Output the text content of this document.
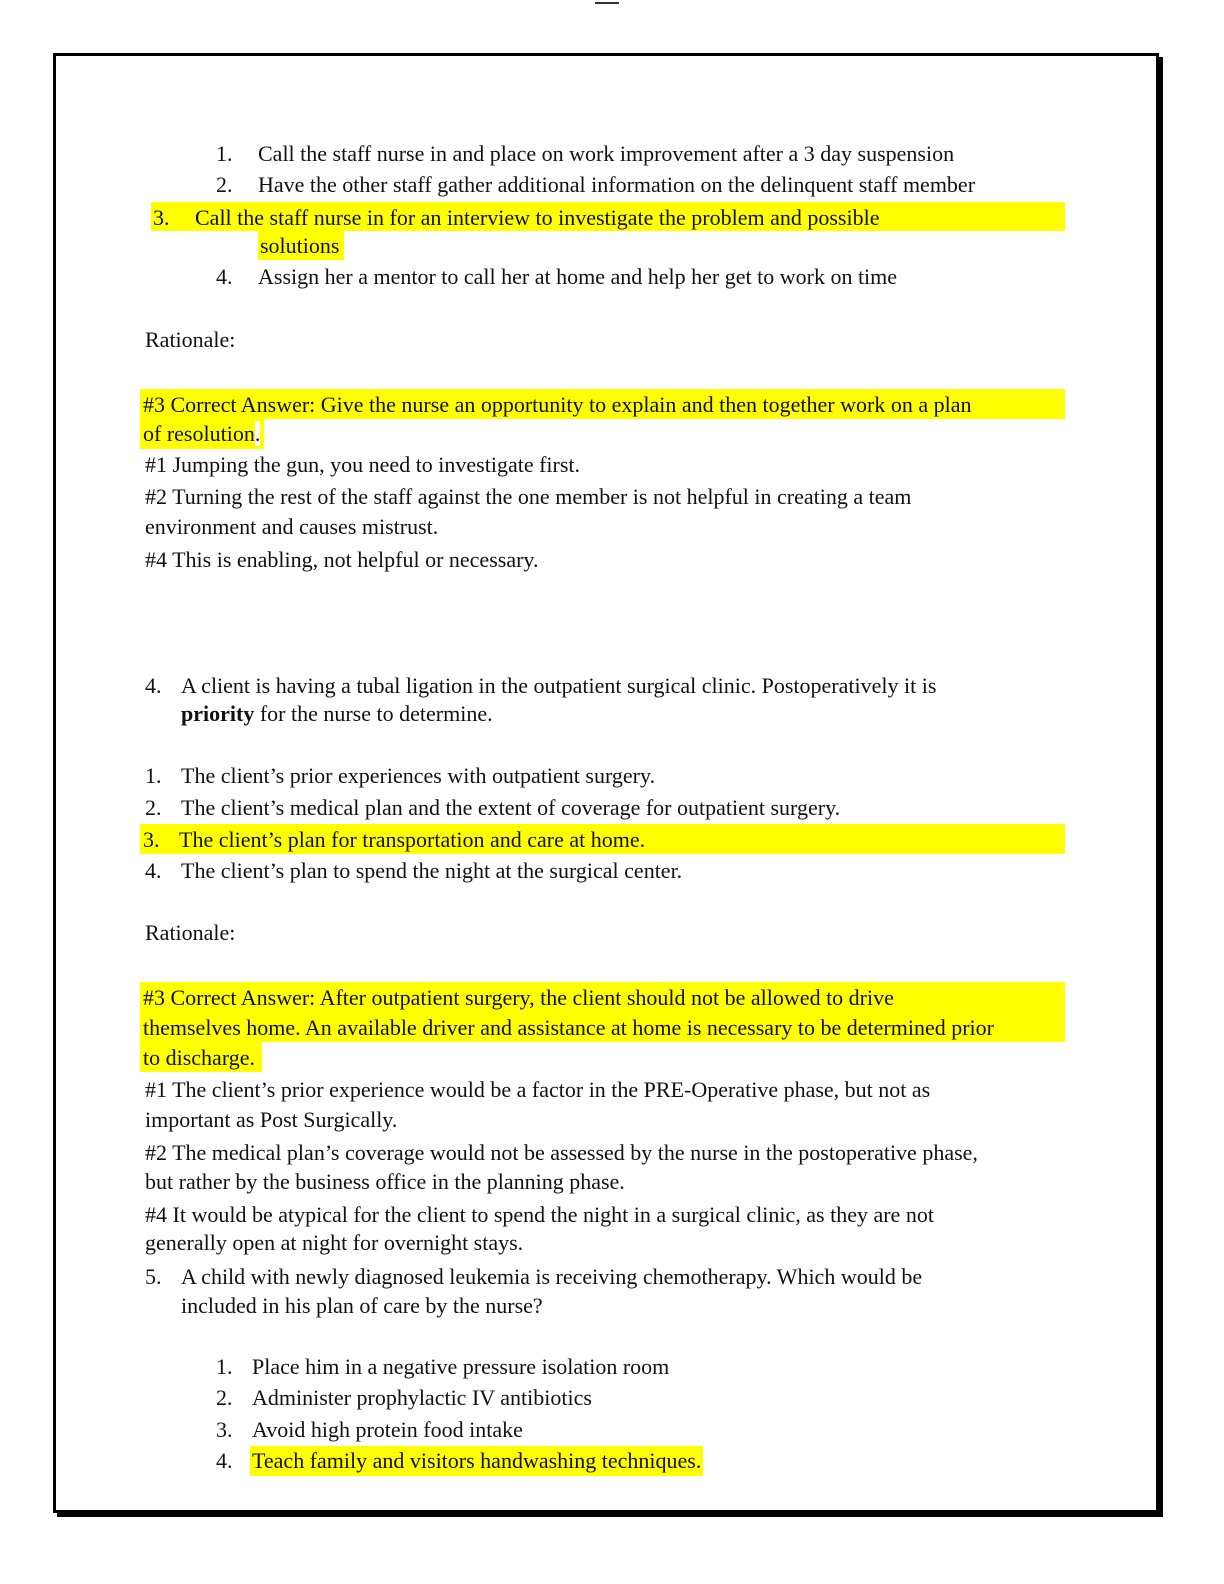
1. Call the staff nurse in and place on work improvement after a 3 day suspension
2. Have the other staff gather additional information on the delinquent staff member
3. Call the staff nurse in for an interview to investigate the problem and possible
solutions
4. Assign her a mentor to call her at home and help her get to work on time
Rationale:
#3 Correct Answer: Give the nurse an opportunity to explain and then together work on a plan
of resolution.
#1 Jumping the gun, you need to investigate first.
#2 Turning the rest of the staff against the one member is not helpful in creating a team
environment and causes mistrust.
#4 This is enabling, not helpful or necessary.
4. A client is having a tubal ligation in the outpatient surgical clinic. Postoperatively it is
priority for the nurse to determine.
1. The client’s prior experiences with outpatient surgery.
2. The client’s medical plan and the extent of coverage for outpatient surgery.
3. The client’s plan for transportation and care at home.
4. The client’s plan to spend the night at the surgical center.
Rationale:
#3 Correct Answer: After outpatient surgery, the client should not be allowed to drive
themselves home. An available driver and assistance at home is necessary to be determined prior
to discharge.
#1 The client’s prior experience would be a factor in the PRE-Operative phase, but not as
important as Post Surgically.
#2 The medical plan’s coverage would not be assessed by the nurse in the postoperative phase,
but rather by the business office in the planning phase.
#4 It would be atypical for the client to spend the night in a surgical clinic, as they are not
generally open at night for overnight stays.
5. A child with newly diagnosed leukemia is receiving chemotherapy. Which would be
included in his plan of care by the nurse?
1. Place him in a negative pressure isolation room
2. Administer prophylactic IV antibiotics
3. Avoid high protein food intake
4. Teach family and visitors handwashing techniques.
